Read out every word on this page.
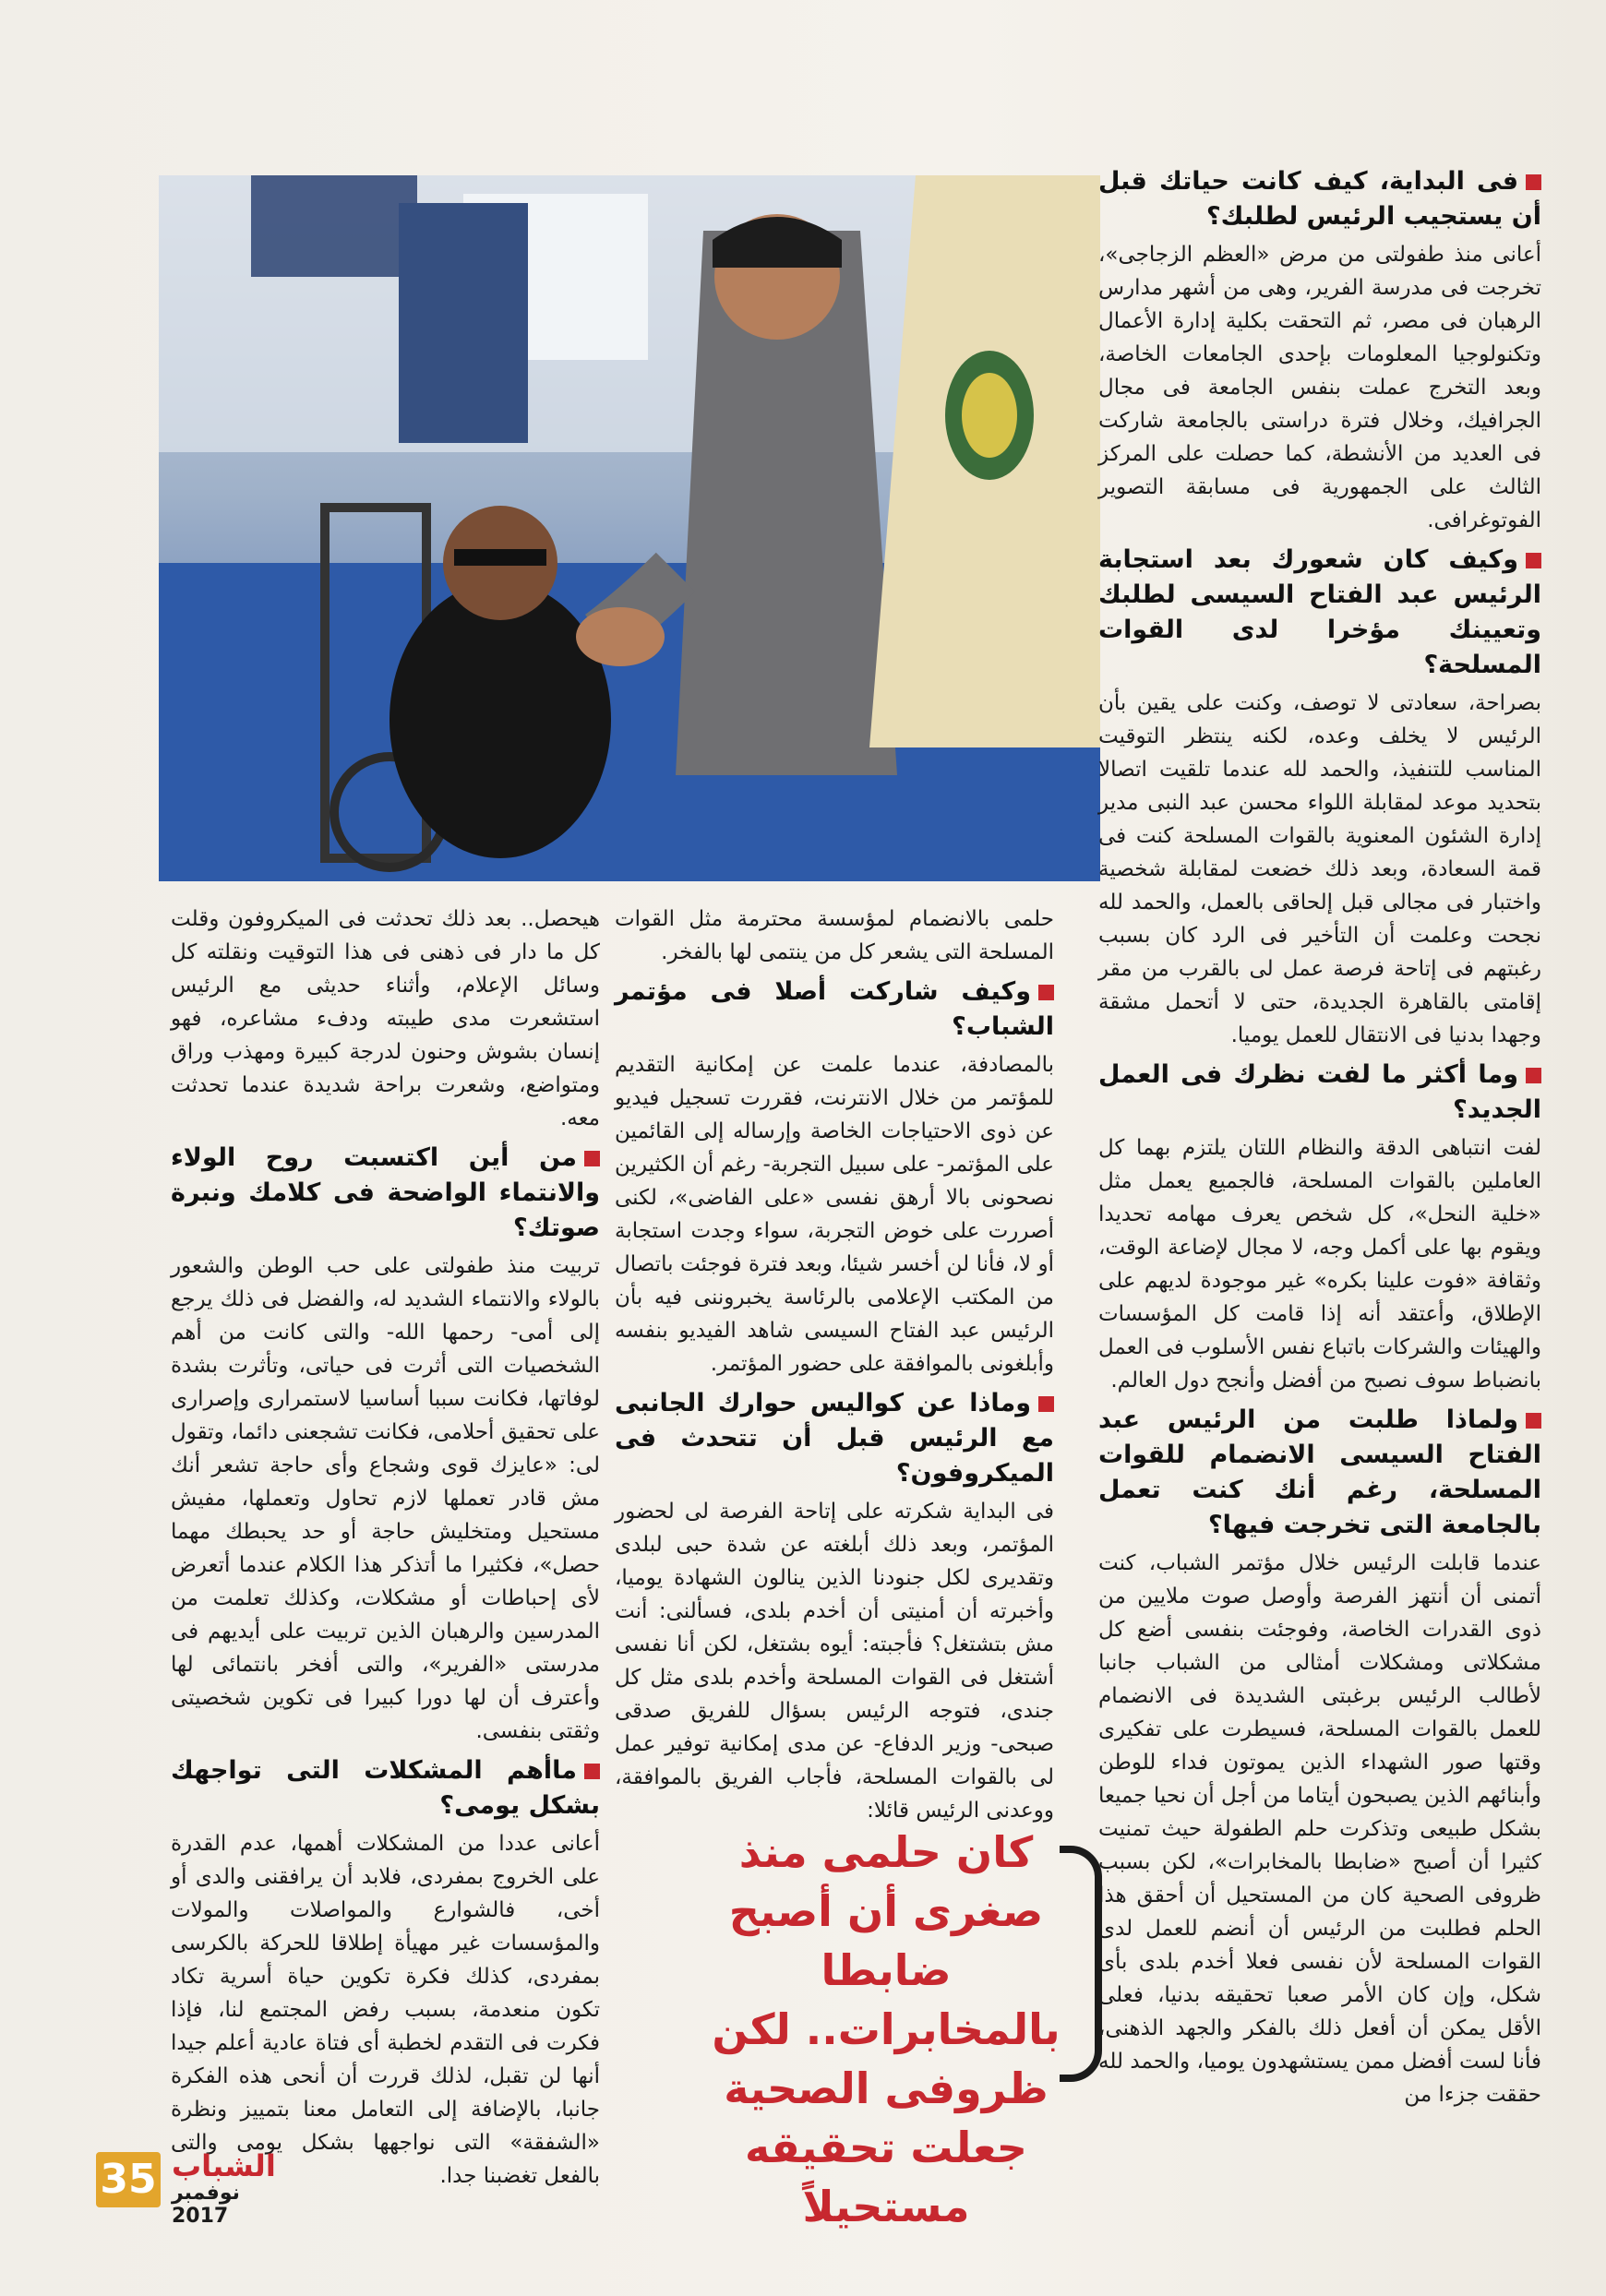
فى البداية، كيف كانت حياتك قبل أن يستجيب الرئيس لطلبك؟

أعانى منذ طفولتى من مرض «العظم الزجاجى»، تخرجت فى مدرسة الفرير، وهى من أشهر مدارس الرهبان فى مصر، ثم التحقت بكلية إدارة الأعمال وتكنولوجيا المعلومات بإحدى الجامعات الخاصة، وبعد التخرج عملت بنفس الجامعة فى مجال الجرافيك، وخلال فترة دراستى بالجامعة شاركت فى العديد من الأنشطة، كما حصلت على المركز الثالث على الجمهورية فى مسابقة التصوير الفوتوغرافى.

وكيف كان شعورك بعد استجابة الرئيس عبد الفتاح السيسى لطلبك وتعيينك مؤخرا لدى القوات المسلحة؟

بصراحة، سعادتى لا توصف، وكنت على يقين بأن الرئيس لا يخلف وعده، لكنه ينتظر التوقيت المناسب للتنفيذ، والحمد لله عندما تلقيت اتصالا بتحديد موعد لمقابلة اللواء محسن عبد النبى مدير إدارة الشئون المعنوية بالقوات المسلحة كنت فى قمة السعادة، وبعد ذلك خضعت لمقابلة شخصية واختبار فى مجالى قبل إلحاقى بالعمل، والحمد لله نجحت وعلمت أن التأخير فى الرد كان بسبب رغبتهم فى إتاحة فرصة عمل لى بالقرب من مقر إقامتى بالقاهرة الجديدة، حتى لا أتحمل مشقة وجهدا بدنيا فى الانتقال للعمل يوميا.

وما أكثر ما لفت نظرك فى العمل الجديد؟

لفت انتباهى الدقة والنظام اللتان يلتزم بهما كل العاملين بالقوات المسلحة، فالجميع يعمل مثل «خلية النحل»، كل شخص يعرف مهامه تحديدا ويقوم بها على أكمل وجه، لا مجال لإضاعة الوقت، وثقافة «فوت علينا بكره» غير موجودة لديهم على الإطلاق، وأعتقد أنه إذا قامت كل المؤسسات والهيئات والشركات باتباع نفس الأسلوب فى العمل بانضباط سوف نصبح من أفضل وأنجح دول العالم.

ولماذا طلبت من الرئيس عبد الفتاح السيسى الانضمام للقوات المسلحة، رغم أنك كنت تعمل بالجامعة التى تخرجت فيها؟

عندما قابلت الرئيس خلال مؤتمر الشباب، كنت أتمنى أن أنتهز الفرصة وأوصل صوت ملايين من ذوى القدرات الخاصة، وفوجئت بنفسى أضع كل مشكلاتى ومشكلات أمثالى من الشباب جانبا لأطالب الرئيس برغبتى الشديدة فى الانضمام للعمل بالقوات المسلحة، فسيطرت على تفكيرى وقتها صور الشهداء الذين يموتون فداء للوطن وأبنائهم الذين يصبحون أيتاما من أجل أن نحيا جميعا بشكل طبيعى وتذكرت حلم الطفولة حيث تمنيت كثيرا أن أصبح «ضابطا بالمخابرات»، لكن بسبب ظروفى الصحية كان من المستحيل أن أحقق هذا الحلم فطلبت من الرئيس أن أنضم للعمل لدى القوات المسلحة لأن نفسى فعلا أخدم بلدى بأى شكل، وإن كان الأمر صعبا تحقيقه بدنيا، فعلى الأقل يمكن أن أفعل ذلك بالفكر والجهد الذهنى، فأنا لست أفضل ممن يستشهدون يوميا، والحمد لله حققت جزءا من

حلمى بالانضمام لمؤسسة محترمة مثل القوات المسلحة التى يشعر كل من ينتمى لها بالفخر.

وكيف شاركت أصلا فى مؤتمر الشباب؟

بالمصادفة، عندما علمت عن إمكانية التقديم للمؤتمر من خلال الانترنت، فقررت تسجيل فيديو عن ذوى الاحتياجات الخاصة وإرساله إلى القائمين على المؤتمر- على سبيل التجربة- رغم أن الكثيرين نصحونى بالا أرهق نفسى «على الفاضى»، لكنى أصررت على خوض التجربة، سواء وجدت استجابة أو لا، فأنا لن أخسر شيئا، وبعد فترة فوجئت باتصال من المكتب الإعلامى بالرئاسة يخبروننى فيه بأن الرئيس عبد الفتاح السيسى شاهد الفيديو بنفسه وأبلغونى بالموافقة على حضور المؤتمر.

وماذا عن كواليس حوارك الجانبى مع الرئيس قبل أن تتحدث فى الميكروفون؟

فى البداية شكرته على إتاحة الفرصة لى لحضور المؤتمر، وبعد ذلك أبلغته عن شدة حبى لبلدى وتقديرى لكل جنودنا الذين ينالون الشهادة يوميا، وأخبرته أن أمنيتى أن أخدم بلدى، فسألنى: أنت مش بتشتغل؟ فأجبته: أيوه بشتغل، لكن أنا نفسى أشتغل فى القوات المسلحة وأخدم بلدى مثل كل جندى، فتوجه الرئيس بسؤال للفريق صدقى صبحى- وزير الدفاع- عن مدى إمكانية توفير عمل لى بالقوات المسلحة، فأجاب الفريق بالموافقة، ووعدنى الرئيس قائلا:

هيحصل.. بعد ذلك تحدثت فى الميكروفون وقلت كل ما دار فى ذهنى فى هذا التوقيت ونقلته كل وسائل الإعلام، وأثناء حديثى مع الرئيس استشعرت مدى طيبته ودفء مشاعره، فهو إنسان بشوش وحنون لدرجة كبيرة ومهذب وراق ومتواضع، وشعرت براحة شديدة عندما تحدثت معه.

من أين اكتسبت روح الولاء والانتماء الواضحة فى كلامك ونبرة صوتك؟

تربيت منذ طفولتى على حب الوطن والشعور بالولاء والانتماء الشديد له، والفضل فى ذلك يرجع إلى أمى- رحمها الله- والتى كانت من أهم الشخصيات التى أثرت فى حياتى، وتأثرت بشدة لوفاتها، فكانت سببا أساسيا لاستمرارى وإصرارى على تحقيق أحلامى، فكانت تشجعنى دائما، وتقول لى: «عايزك قوى وشجاع وأى حاجة تشعر أنك مش قادر تعملها لازم تحاول وتعملها، مفيش مستحيل ومتخليش حاجة أو حد يحبطك مهما حصل»، فكثيرا ما أتذكر هذا الكلام عندما أتعرض لأى إحباطات أو مشكلات، وكذلك تعلمت من المدرسين والرهبان الذين تربيت على أيديهم فى مدرستى «الفرير»، والتى أفخر بانتمائى لها وأعترف أن لها دورا كبيرا فى تكوين شخصيتى وثقتى بنفسى.

ماأهم المشكلات التى تواجهك بشكل يومى؟

أعانى عددا من المشكلات أهمها، عدم القدرة على الخروج بمفردى، فلابد أن يرافقنى والدى أو أخى، فالشوارع والمواصلات والمولات والمؤسسات غير مهيأة إطلاقا للحركة بالكرسى بمفردى، كذلك فكرة تكوين حياة أسرية تكاد تكون منعدمة، بسبب رفض المجتمع لنا، فإذا فكرت فى التقدم لخطبة أى فتاة عادية أعلم جيدا أنها لن تقبل، لذلك قررت أن أنحى هذه الفكرة جانبا، بالإضافة إلى التعامل معنا بتمييز ونظرة «الشفقة» التى نواجهها بشكل يومى والتى بالفعل تغضبنا جدا.

كان حلمى منذ صغرى أن أصبح ضابطا بالمخابرات.. لكن ظروفى الصحية جعلت تحقيقه مستحيلاً
35 الشباب
نوفمبر 2017
